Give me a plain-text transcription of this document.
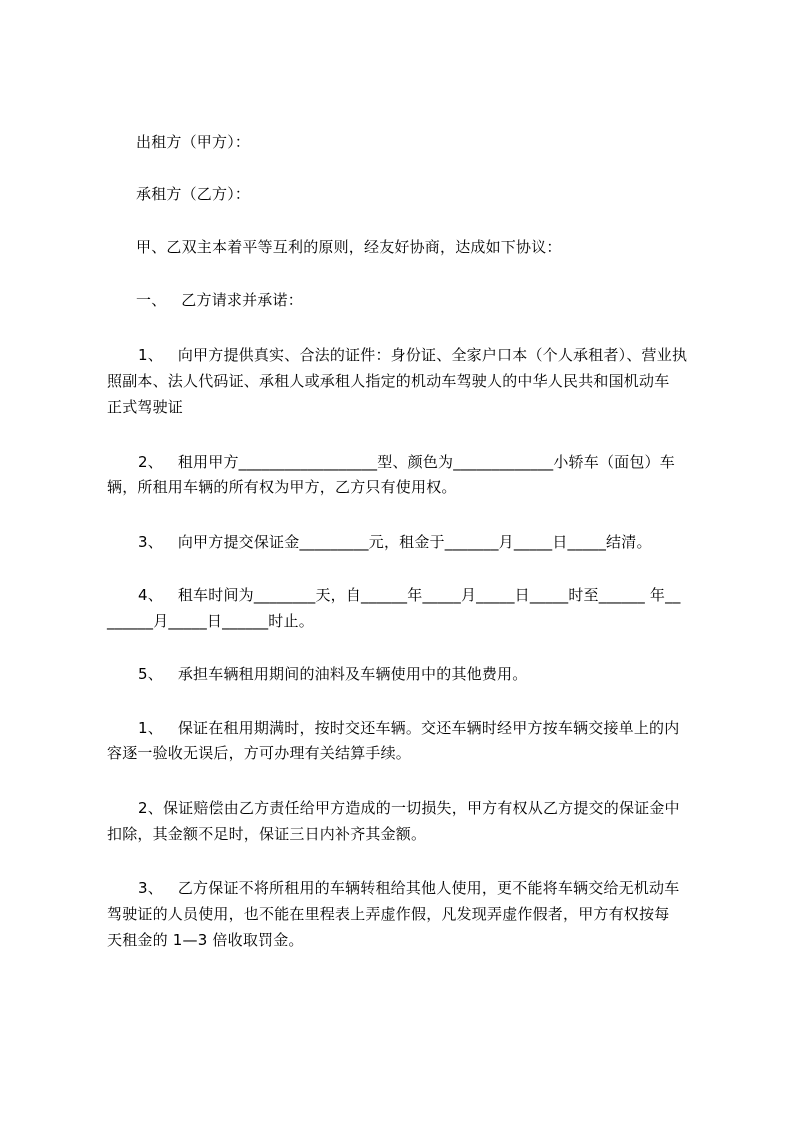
出租方（甲方）：
承租方（乙方）：
甲、乙双主本着平等互利的原则，经友好协商，达成如下协议：
一、   乙方请求并承诺：
1、   向甲方提供真实、合法的证件：身份证、全家户口本（个人承租者）、营业执
照副本、法人代码证、承租人或承租人指定的机动车驾驶人的中华人民共和国机动车
正式驾驶证
2、   租用甲方__________________型、颜色为_____________小轿车（面包）车
辆，所租用车辆的所有权为甲方，乙方只有使用权。
3、   向甲方提交保证金_________元，租金于_______月_____日_____结清。
4、   租车时间为________天，自______年_____月_____日_____时至______ 年__
______月_____日______时止。
5、   承担车辆租用期间的油料及车辆使用中的其他费用。
1、   保证在租用期满时，按时交还车辆。交还车辆时经甲方按车辆交接单上的内
容逐一验收无误后，方可办理有关结算手续。
2、保证赔偿由乙方责任给甲方造成的一切损失，甲方有权从乙方提交的保证金中
扣除，其金额不足时，保证三日内补齐其金额。
3、   乙方保证不将所租用的车辆转租给其他人使用，更不能将车辆交给无机动车
驾驶证的人员使用，也不能在里程表上弄虚作假，凡发现弄虚作假者，甲方有权按每
天租金的 1—3 倍收取罚金。
